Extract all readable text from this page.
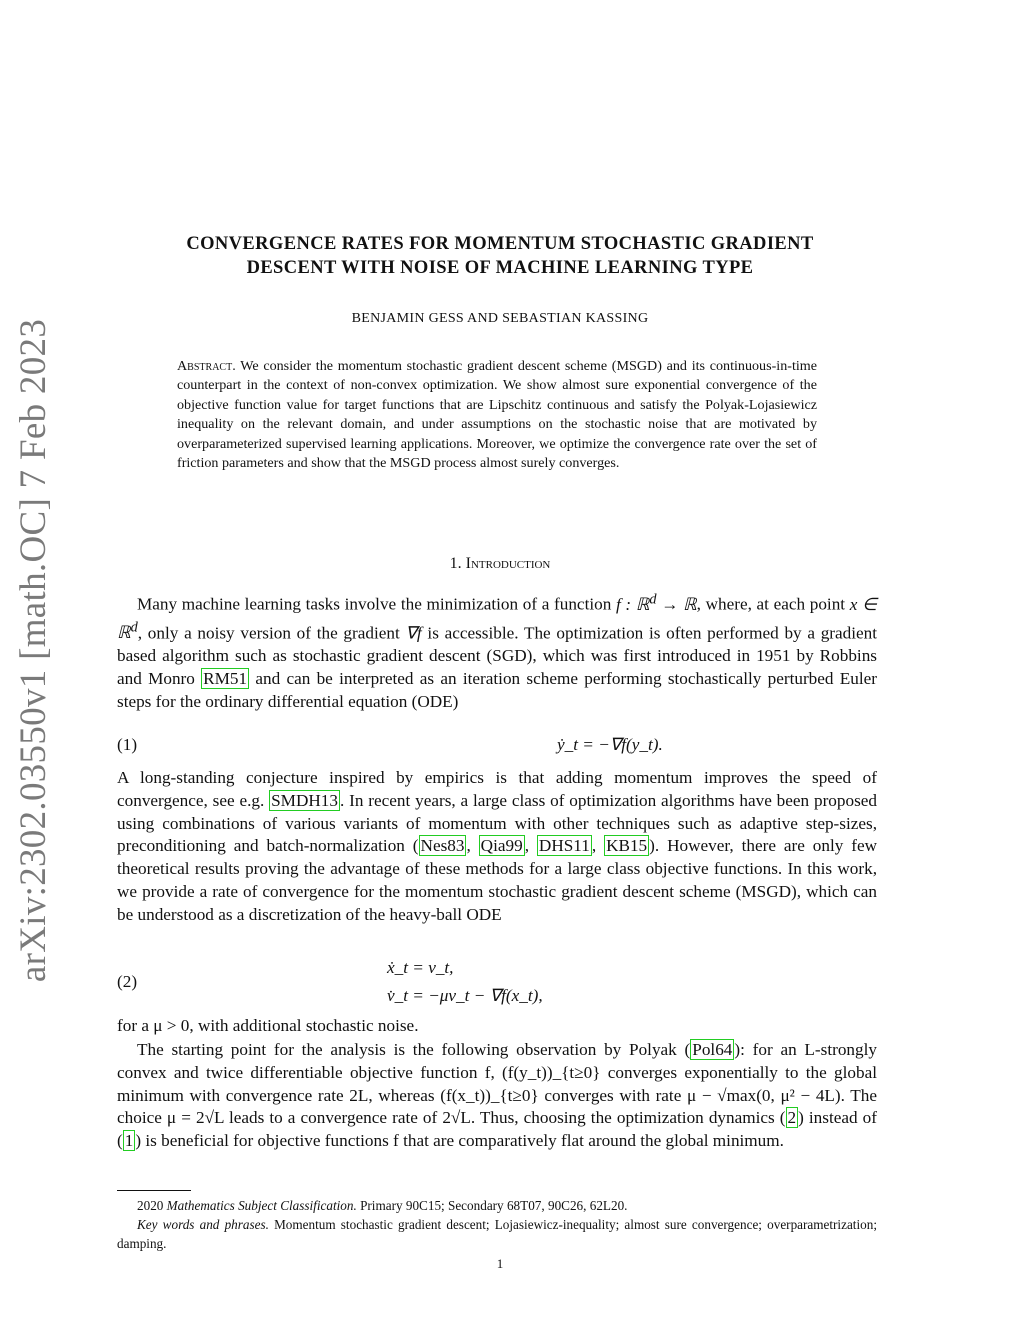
arXiv:2302.03550v1 [math.OC] 7 Feb 2023
CONVERGENCE RATES FOR MOMENTUM STOCHASTIC GRADIENT
DESCENT WITH NOISE OF MACHINE LEARNING TYPE
BENJAMIN GESS AND SEBASTIAN KASSING
Abstract. We consider the momentum stochastic gradient descent scheme (MSGD) and its continuous-in-time counterpart in the context of non-convex optimization. We show almost sure exponential convergence of the objective function value for target functions that are Lipschitz continuous and satisfy the Polyak-Lojasiewicz inequality on the relevant domain, and under assumptions on the stochastic noise that are motivated by overparameterized supervised learning applications. Moreover, we optimize the convergence rate over the set of friction parameters and show that the MSGD process almost surely converges.
1. Introduction
Many machine learning tasks involve the minimization of a function f : ℝ$^d$ → ℝ, where, at each point x ∈ ℝ$^d$, only a noisy version of the gradient ∇f is accessible. The optimization is often performed by a gradient based algorithm such as stochastic gradient descent (SGD), which was first introduced in 1951 by Robbins and Monro RM51 and can be interpreted as an iteration scheme performing stochastically perturbed Euler steps for the ordinary differential equation (ODE)
(1)	ẏ_t = −∇f(y_t).
A long-standing conjecture inspired by empirics is that adding momentum improves the speed of convergence, see e.g. SMDH13 . In recent years, a large class of optimization algorithms have been proposed using combinations of various variants of momentum with other techniques such as adaptive step-sizes, preconditioning and batch-normalization ( Nes83 , Qia99 , DHS11 , KB15 ). However, there are only few theoretical results proving the advantage of these methods for a large class objective functions. In this work, we provide a rate of convergence for the momentum stochastic gradient descent scheme (MSGD), which can be understood as a discretization of the heavy-ball ODE
(2)
ẋ_t = v_t,
v̇_t = −μv_t − ∇f(x_t),
for a μ > 0, with additional stochastic noise.
The starting point for the analysis is the following observation by Polyak ( Pol64 ): for an L-strongly convex and twice differentiable objective function f, (f(y_t))_{t≥0} converges exponentially to the global minimum with convergence rate 2L, whereas (f(x_t))_{t≥0} converges with rate μ − √max(0, μ² − 4L). The choice μ = 2√L leads to a convergence rate of 2√L. Thus, choosing the optimization dynamics ( 2 ) instead of ( 1 ) is beneficial for objective functions f that are comparatively flat around the global minimum.
2020 Mathematics Subject Classification. Primary 90C15; Secondary 68T07, 90C26, 62L20.
Key words and phrases. Momentum stochastic gradient descent; Lojasiewicz-inequality; almost sure convergence; overparametrization; damping.
1
